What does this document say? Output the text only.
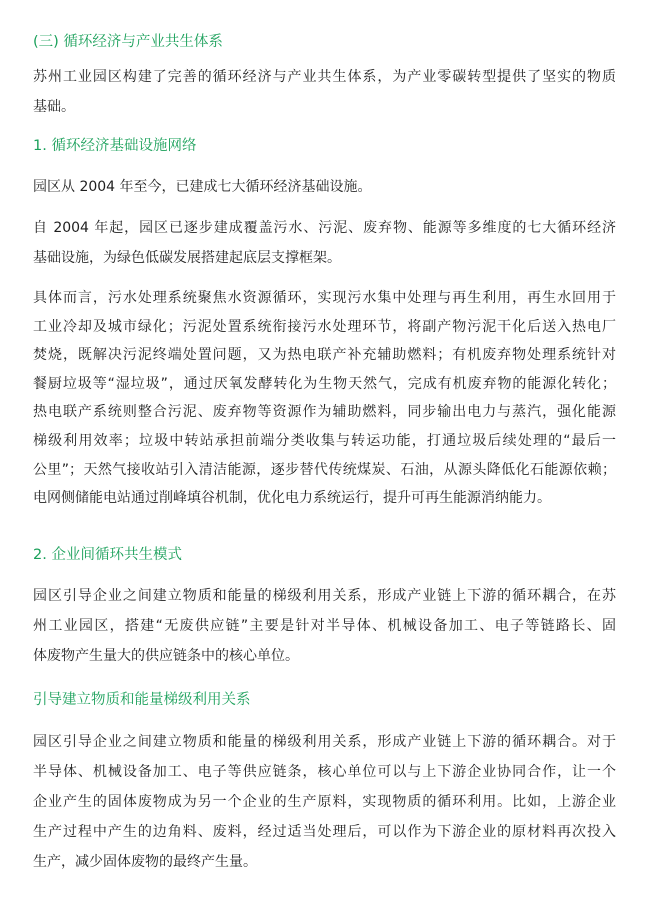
(三) 循环经济与产业共生体系
苏州工业园区构建了完善的循环经济与产业共生体系，为产业零碳转型提供了坚实的物质
基础。
1. 循环经济基础设施网络
园区从 2004 年至今，已建成七大循环经济基础设施。
自 2004 年起，园区已逐步建成覆盖污水、污泥、废弃物、能源等多维度的七大循环经济
基础设施，为绿色低碳发展搭建起底层支撑框架。
具体而言，污水处理系统聚焦水资源循环，实现污水集中处理与再生利用，再生水回用于
工业冷却及城市绿化；污泥处置系统衔接污水处理环节，将副产物污泥干化后送入热电厂
焚烧，既解决污泥终端处置问题，又为热电联产补充辅助燃料；有机废弃物处理系统针对
餐厨垃圾等“湿垃圾”，通过厌氧发酵转化为生物天然气，完成有机废弃物的能源化转化；
热电联产系统则整合污泥、废弃物等资源作为辅助燃料，同步输出电力与蒸汽，强化能源
梯级利用效率；垃圾中转站承担前端分类收集与转运功能，打通垃圾后续处理的“最后一
公里”；天然气接收站引入清洁能源，逐步替代传统煤炭、石油，从源头降低化石能源依赖；
电网侧储能电站通过削峰填谷机制，优化电力系统运行，提升可再生能源消纳能力。
2. 企业间循环共生模式
园区引导企业之间建立物质和能量的梯级利用关系，形成产业链上下游的循环耦合，在苏
州工业园区，搭建“无废供应链”主要是针对半导体、机械设备加工、电子等链路长、固
体废物产生量大的供应链条中的核心单位。
引导建立物质和能量梯级利用关系
园区引导企业之间建立物质和能量的梯级利用关系，形成产业链上下游的循环耦合。对于
半导体、机械设备加工、电子等供应链条，核心单位可以与上下游企业协同合作，让一个
企业产生的固体废物成为另一个企业的生产原料，实现物质的循环利用。比如，上游企业
生产过程中产生的边角料、废料，经过适当处理后，可以作为下游企业的原材料再次投入
生产，减少固体废物的最终产生量。
